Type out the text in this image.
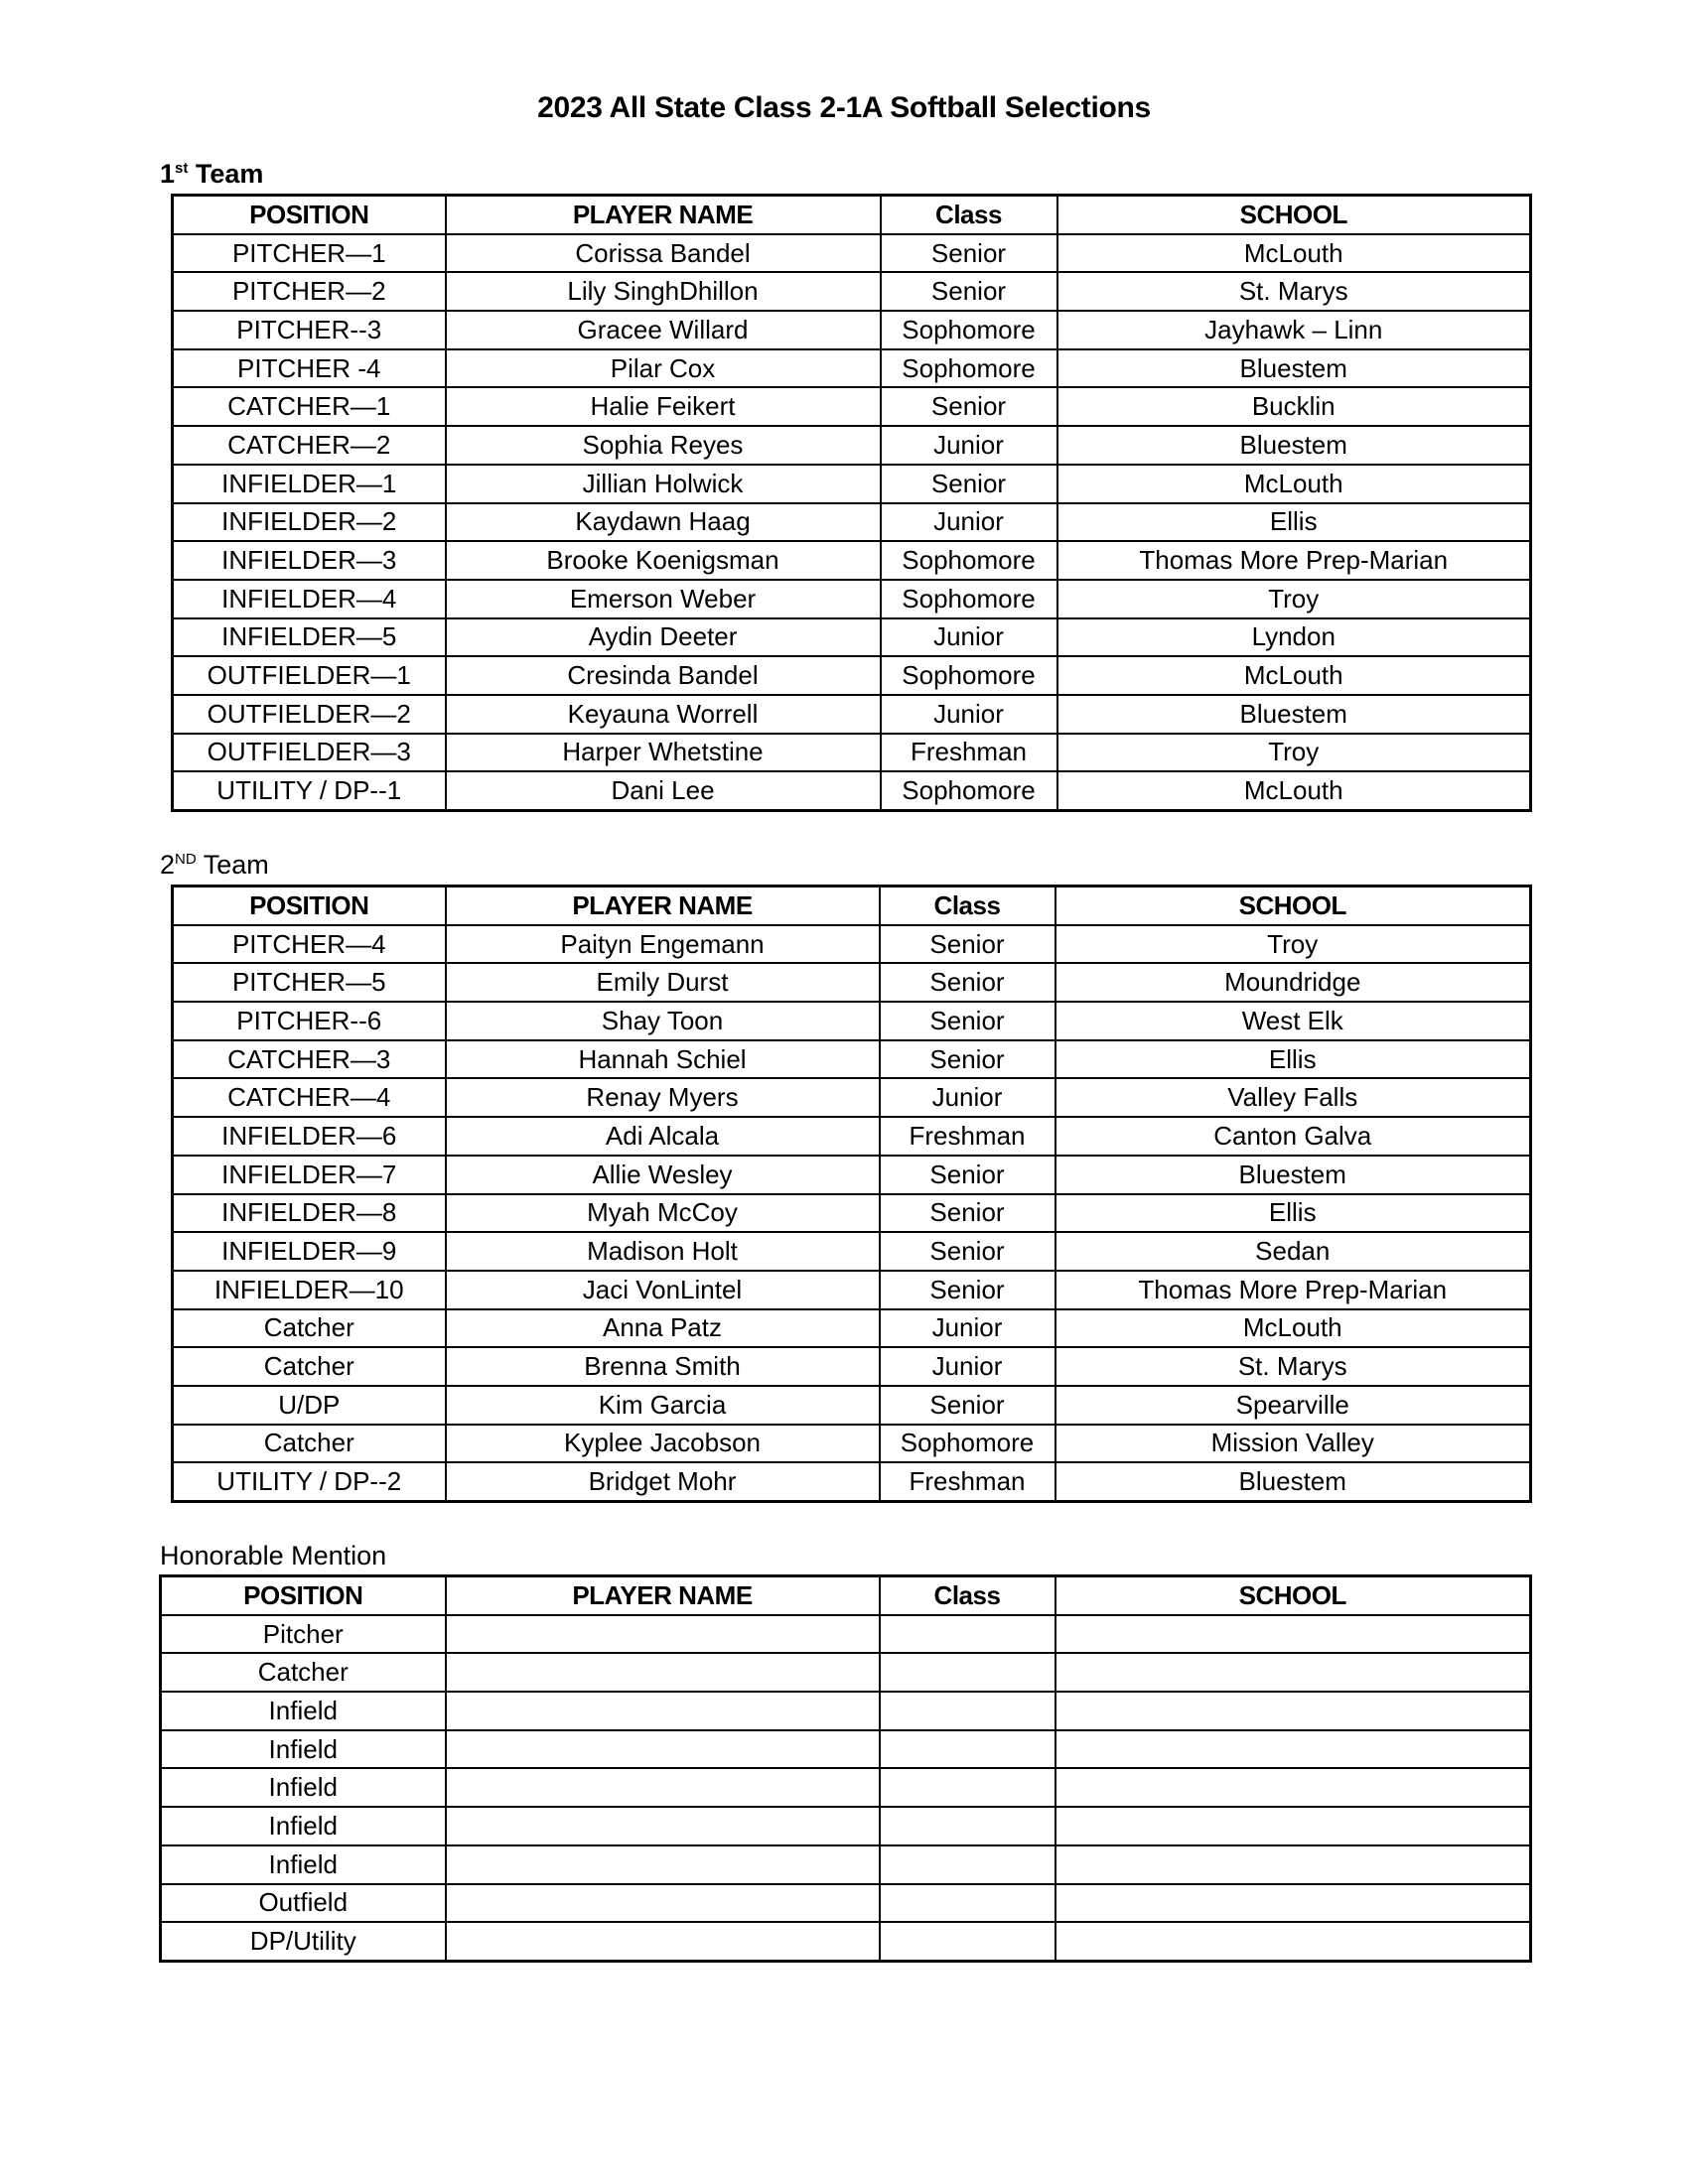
2023 All State Class 2-1A Softball Selections
1st Team
POSITION	PLAYER NAME	Class	SCHOOL
PITCHER—1	Corissa Bandel	Senior	McLouth
PITCHER—2	Lily SinghDhillon	Senior	St. Marys
PITCHER--3	Gracee Willard	Sophomore	Jayhawk – Linn
PITCHER -4	Pilar Cox	Sophomore	Bluestem
CATCHER—1	Halie Feikert	Senior	Bucklin
CATCHER—2	Sophia Reyes	Junior	Bluestem
INFIELDER—1	Jillian Holwick	Senior	McLouth
INFIELDER—2	Kaydawn Haag	Junior	Ellis
INFIELDER—3	Brooke Koenigsman	Sophomore	Thomas More Prep-Marian
INFIELDER—4	Emerson Weber	Sophomore	Troy
INFIELDER—5	Aydin Deeter	Junior	Lyndon
OUTFIELDER—1	Cresinda Bandel	Sophomore	McLouth
OUTFIELDER—2	Keyauna Worrell	Junior	Bluestem
OUTFIELDER—3	Harper Whetstine	Freshman	Troy
UTILITY / DP--1	Dani Lee	Sophomore	McLouth
2ND Team
POSITION	PLAYER NAME	Class	SCHOOL
PITCHER—4	Paityn Engemann	Senior	Troy
PITCHER—5	Emily Durst	Senior	Moundridge
PITCHER--6	Shay Toon	Senior	West Elk
CATCHER—3	Hannah Schiel	Senior	Ellis
CATCHER—4	Renay Myers	Junior	Valley Falls
INFIELDER—6	Adi Alcala	Freshman	Canton Galva
INFIELDER—7	Allie Wesley	Senior	Bluestem
INFIELDER—8	Myah McCoy	Senior	Ellis
INFIELDER—9	Madison Holt	Senior	Sedan
INFIELDER—10	Jaci VonLintel	Senior	Thomas More Prep-Marian
Catcher	Anna Patz	Junior	McLouth
Catcher	Brenna Smith	Junior	St. Marys
U/DP	Kim Garcia	Senior	Spearville
Catcher	Kyplee Jacobson	Sophomore	Mission Valley
UTILITY / DP--2	Bridget Mohr	Freshman	Bluestem
Honorable Mention
POSITION	PLAYER NAME	Class	SCHOOL
Pitcher			
Catcher			
Infield			
Infield			
Infield			
Infield			
Infield			
Outfield			
DP/Utility			
